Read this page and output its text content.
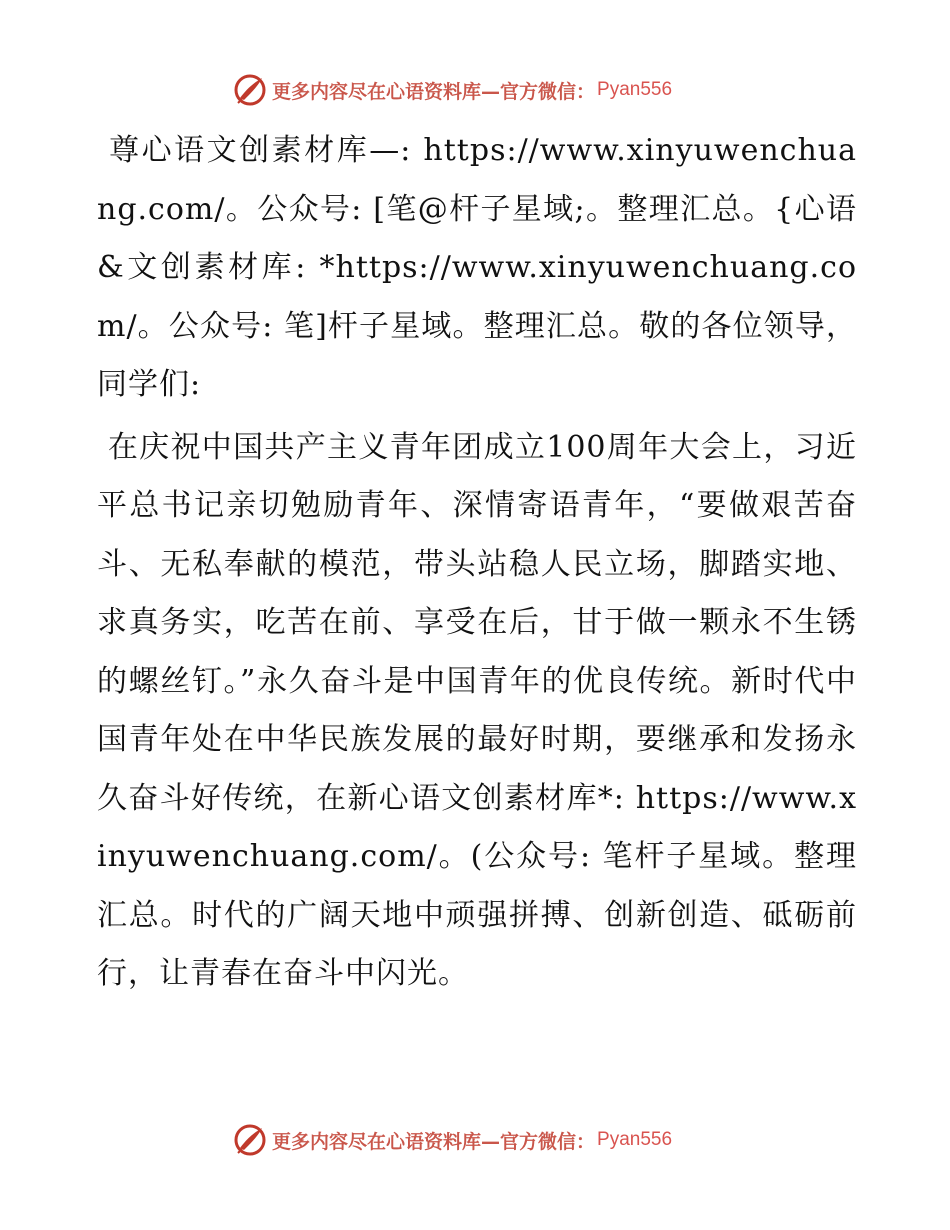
更多内容尽在心语资料库—官方微信： Pyan556

尊心语文创素材库—: https://www.xinyuwenchuang.com/。公众号: [笔@杆子星域;。整理汇总。{心语&文创素材库: *https://www.xinyuwenchuang.com/。公众号: 笔]杆子星域。整理汇总。敬的各位领导，同学们:

在庆祝中国共产主义青年团成立100周年大会上，习近平总书记亲切勉励青年、深情寄语青年，“要做艰苦奋斗、无私奉献的模范，带头站稳人民立场，脚踏实地、求真务实，吃苦在前、享受在后，甘于做一颗永不生锈的螺丝钉。”永久奋斗是中国青年的优良传统。新时代中国青年处在中华民族发展的最好时期，要继承和发扬永久奋斗好传统，在新心语文创素材库*: https://www.xinyuwenchuang.com/。(公众号: 笔杆子星域。整理汇总。时代的广阔天地中顽强拼搏、创新创造、砥砺前行，让青春在奋斗中闪光。

更多内容尽在心语资料库—官方微信： Pyan556
